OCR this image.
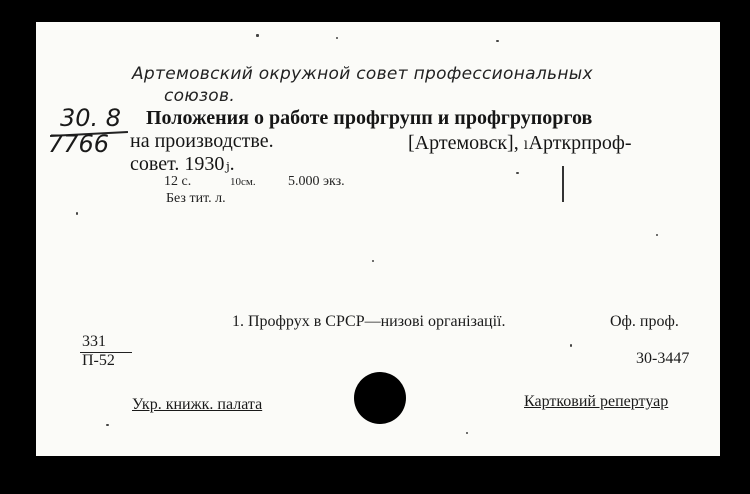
Артемовский окружной совет профессиональных
союзов.
30. 8
7766
Положения о работе профгрупп и профгрупоргов
на производстве.	[Артемовск], ₗАрткрпроф-
совет. 1930ⱼ.
12 с.	10см. 5.000 экз.
Без тит. л.
1. Профрух в СРСР—низові організації.	Оф. проф.
331
П-52	30-3447
Укр. книжк. палата	Картковий репертуар
